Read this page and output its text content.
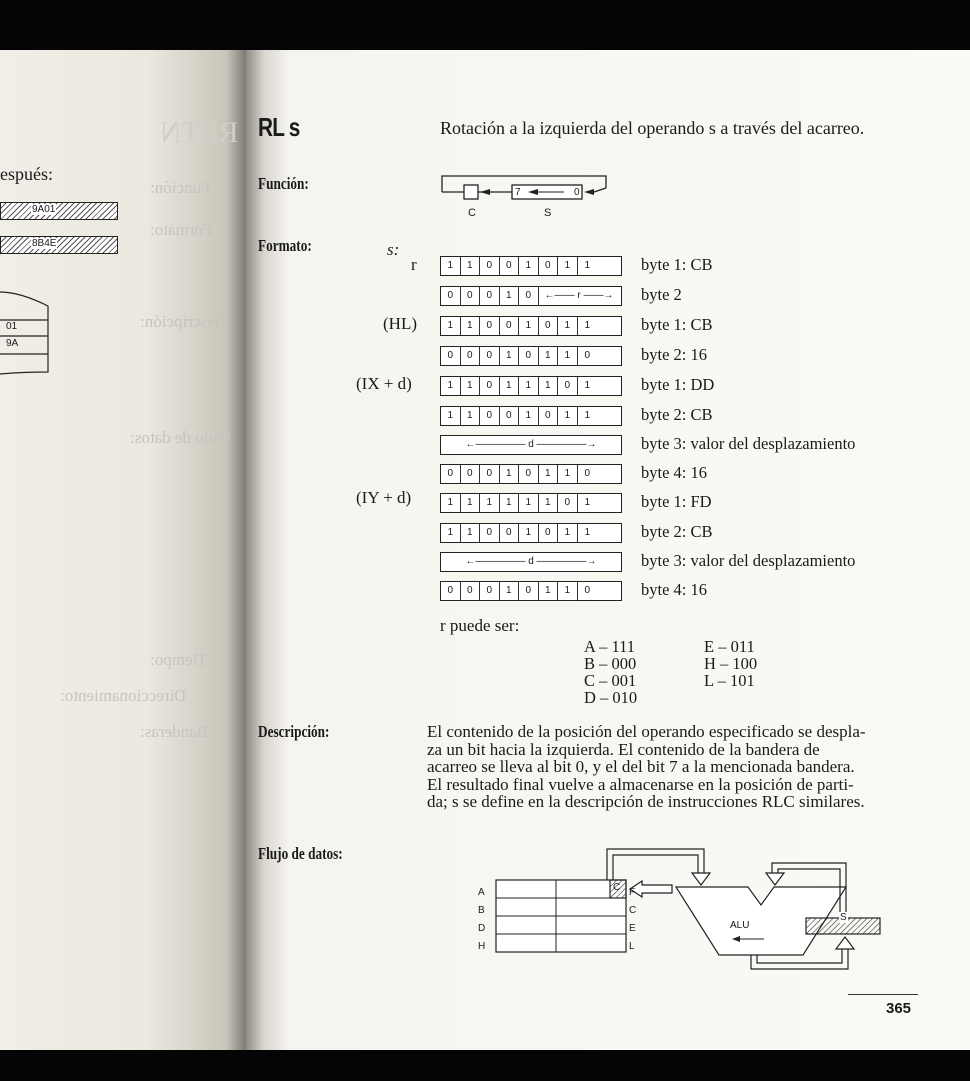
RETN
Función:
Formato:
Descripción:
Flujo de datos:
Tiempo:
Direccionamiento:
Banderas:
espués:
9A01
8B4E
01
9A
RL s	Rotación a la izquierda del operando s a través del acarreo.
Función:
Formato:
Descripción:
Flujo de datos:
7	0
C	S
s:
r
(HL)
(IX + d)
(IY + d)
1	1	0	0	1	0	1	1	byte 1: CB
0	0	0	1	0	←—— r ——→	byte 2
1	1	0	0	1	0	1	1	byte 1: CB
0	0	0	1	0	1	1	0	byte 2: 16
1	1	0	1	1	1	0	1	byte 1: DD
1	1	0	0	1	0	1	1	byte 2: CB
←————— d —————→	byte 3: valor del desplazamiento
0	0	0	1	0	1	1	0	byte 4: 16
1	1	1	1	1	1	0	1	byte 1: FD
1	1	0	0	1	0	1	1	byte 2: CB
←————— d —————→	byte 3: valor del desplazamiento
0	0	0	1	0	1	1	0	byte 4: 16
r puede ser:
A – 111
B – 000
C – 001
D – 010
E – 011
H – 100
L – 101
El contenido de la posición del operando especificado se despla-
za un bit hacia la izquierda. El contenido de la bandera de
acarreo se lleva al bit 0, y el del bit 7 a la mencionada bandera.
El resultado final vuelve a almacenarse en la posición de parti-
da; s se define en la descripción de instrucciones RLC similares.
A
B
D
H
F
C
E
L
C
ALU
S
365
